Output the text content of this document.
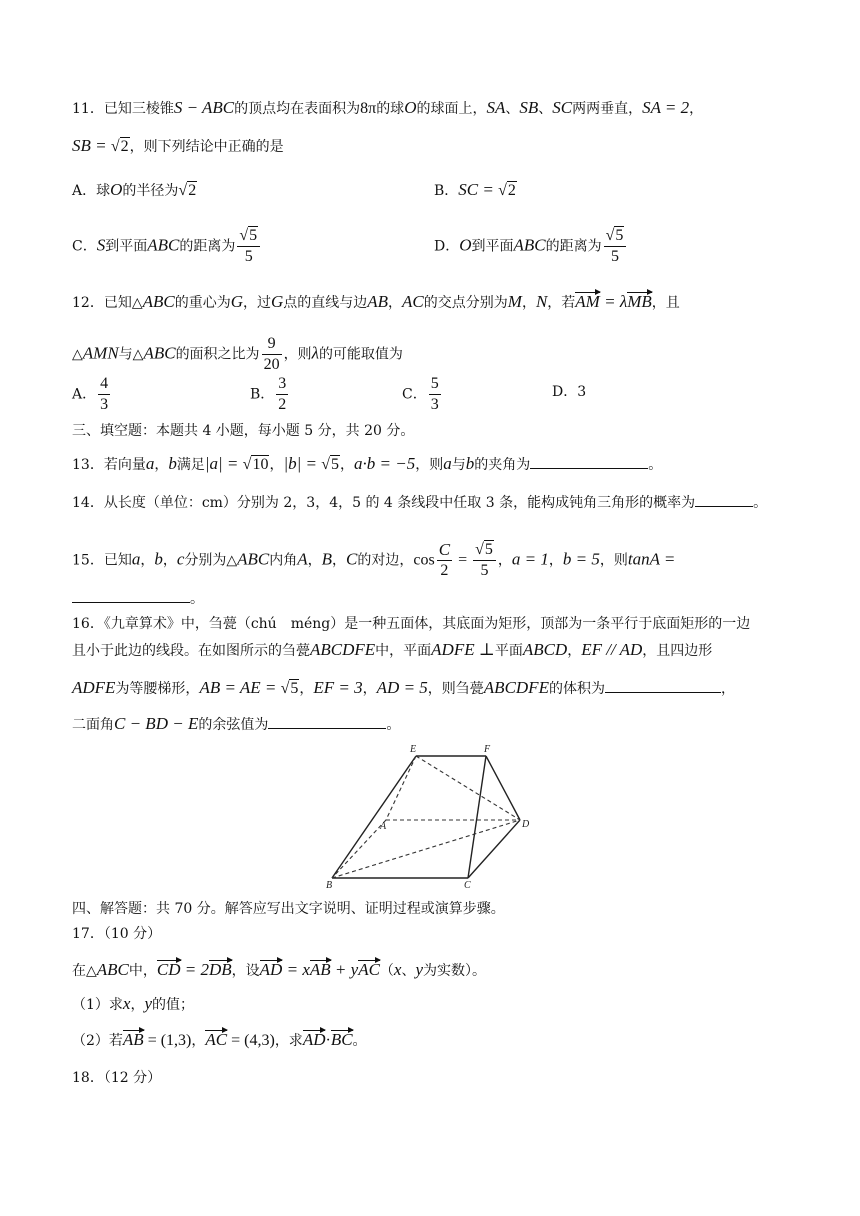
11．已知三棱锥S − ABC的顶点均在表面积为8π的球O的球面上，SA、SB、SC两两垂直，SA = 2，
SB = √2，则下列结论中正确的是
A．球O的半径为√2	B．SC = √2
C．S到平面ABC的距离为 $\frac{√5}{5}$	D．O到平面ABC的距离为 $\frac{√5}{5}$
12．已知△ABC的重心为G，过G点的直线与边AB，AC的交点分别为M，N，若AM = λMB，且
△AMN与△ABC的面积之比为 $\frac{9}{20}$ ，则λ的可能取值为
A． $\frac{4}{3}$	B． $\frac{3}{2}$	C． $\frac{5}{3}$	D．3
三、填空题：本题共 4 小题，每小题 5 分，共 20 分。
13．若向量a，b满足|a| = √10，|b| = √5，a·b = −5，则a与b的夹角为	。
14．从长度（单位：cm）分别为 2，3，4，5 的 4 条线段中任取 3 条，能构成钝角三角形的概率为	。
15．已知a，b，c分别为△ABC内角A，B，C的对边，$\cos \frac{C}{2} = \frac{√5}{5}$ ，a = 1，b = 5，则tanA =
。
16．《九章算术》中，刍甍（chú　méng）是一种五面体，其底面为矩形，顶部为一条平行于底面矩形的一边
且小于此边的线段。在如图所示的刍甍ABCDFE中，平面ADFE ⊥平面ABCD，EF // AD，且四边形
ADFE为等腰梯形，AB = AE = √5，EF = 3，AD = 5，则刍甍ABCDFE的体积为	，
二面角C − BD − E的余弦值为	。
E	F
A	D
B	C
四、解答题：共 70 分。解答应写出文字说明、证明过程或演算步骤。
17．（10 分）
在△ABC中，CD = 2DB，设AD = xAB + yAC（x、y为实数）。
（1）求x，y的值；
（2）若AB = (1,3)，AC = (4,3)，求AD·BC。
18．（12 分）
